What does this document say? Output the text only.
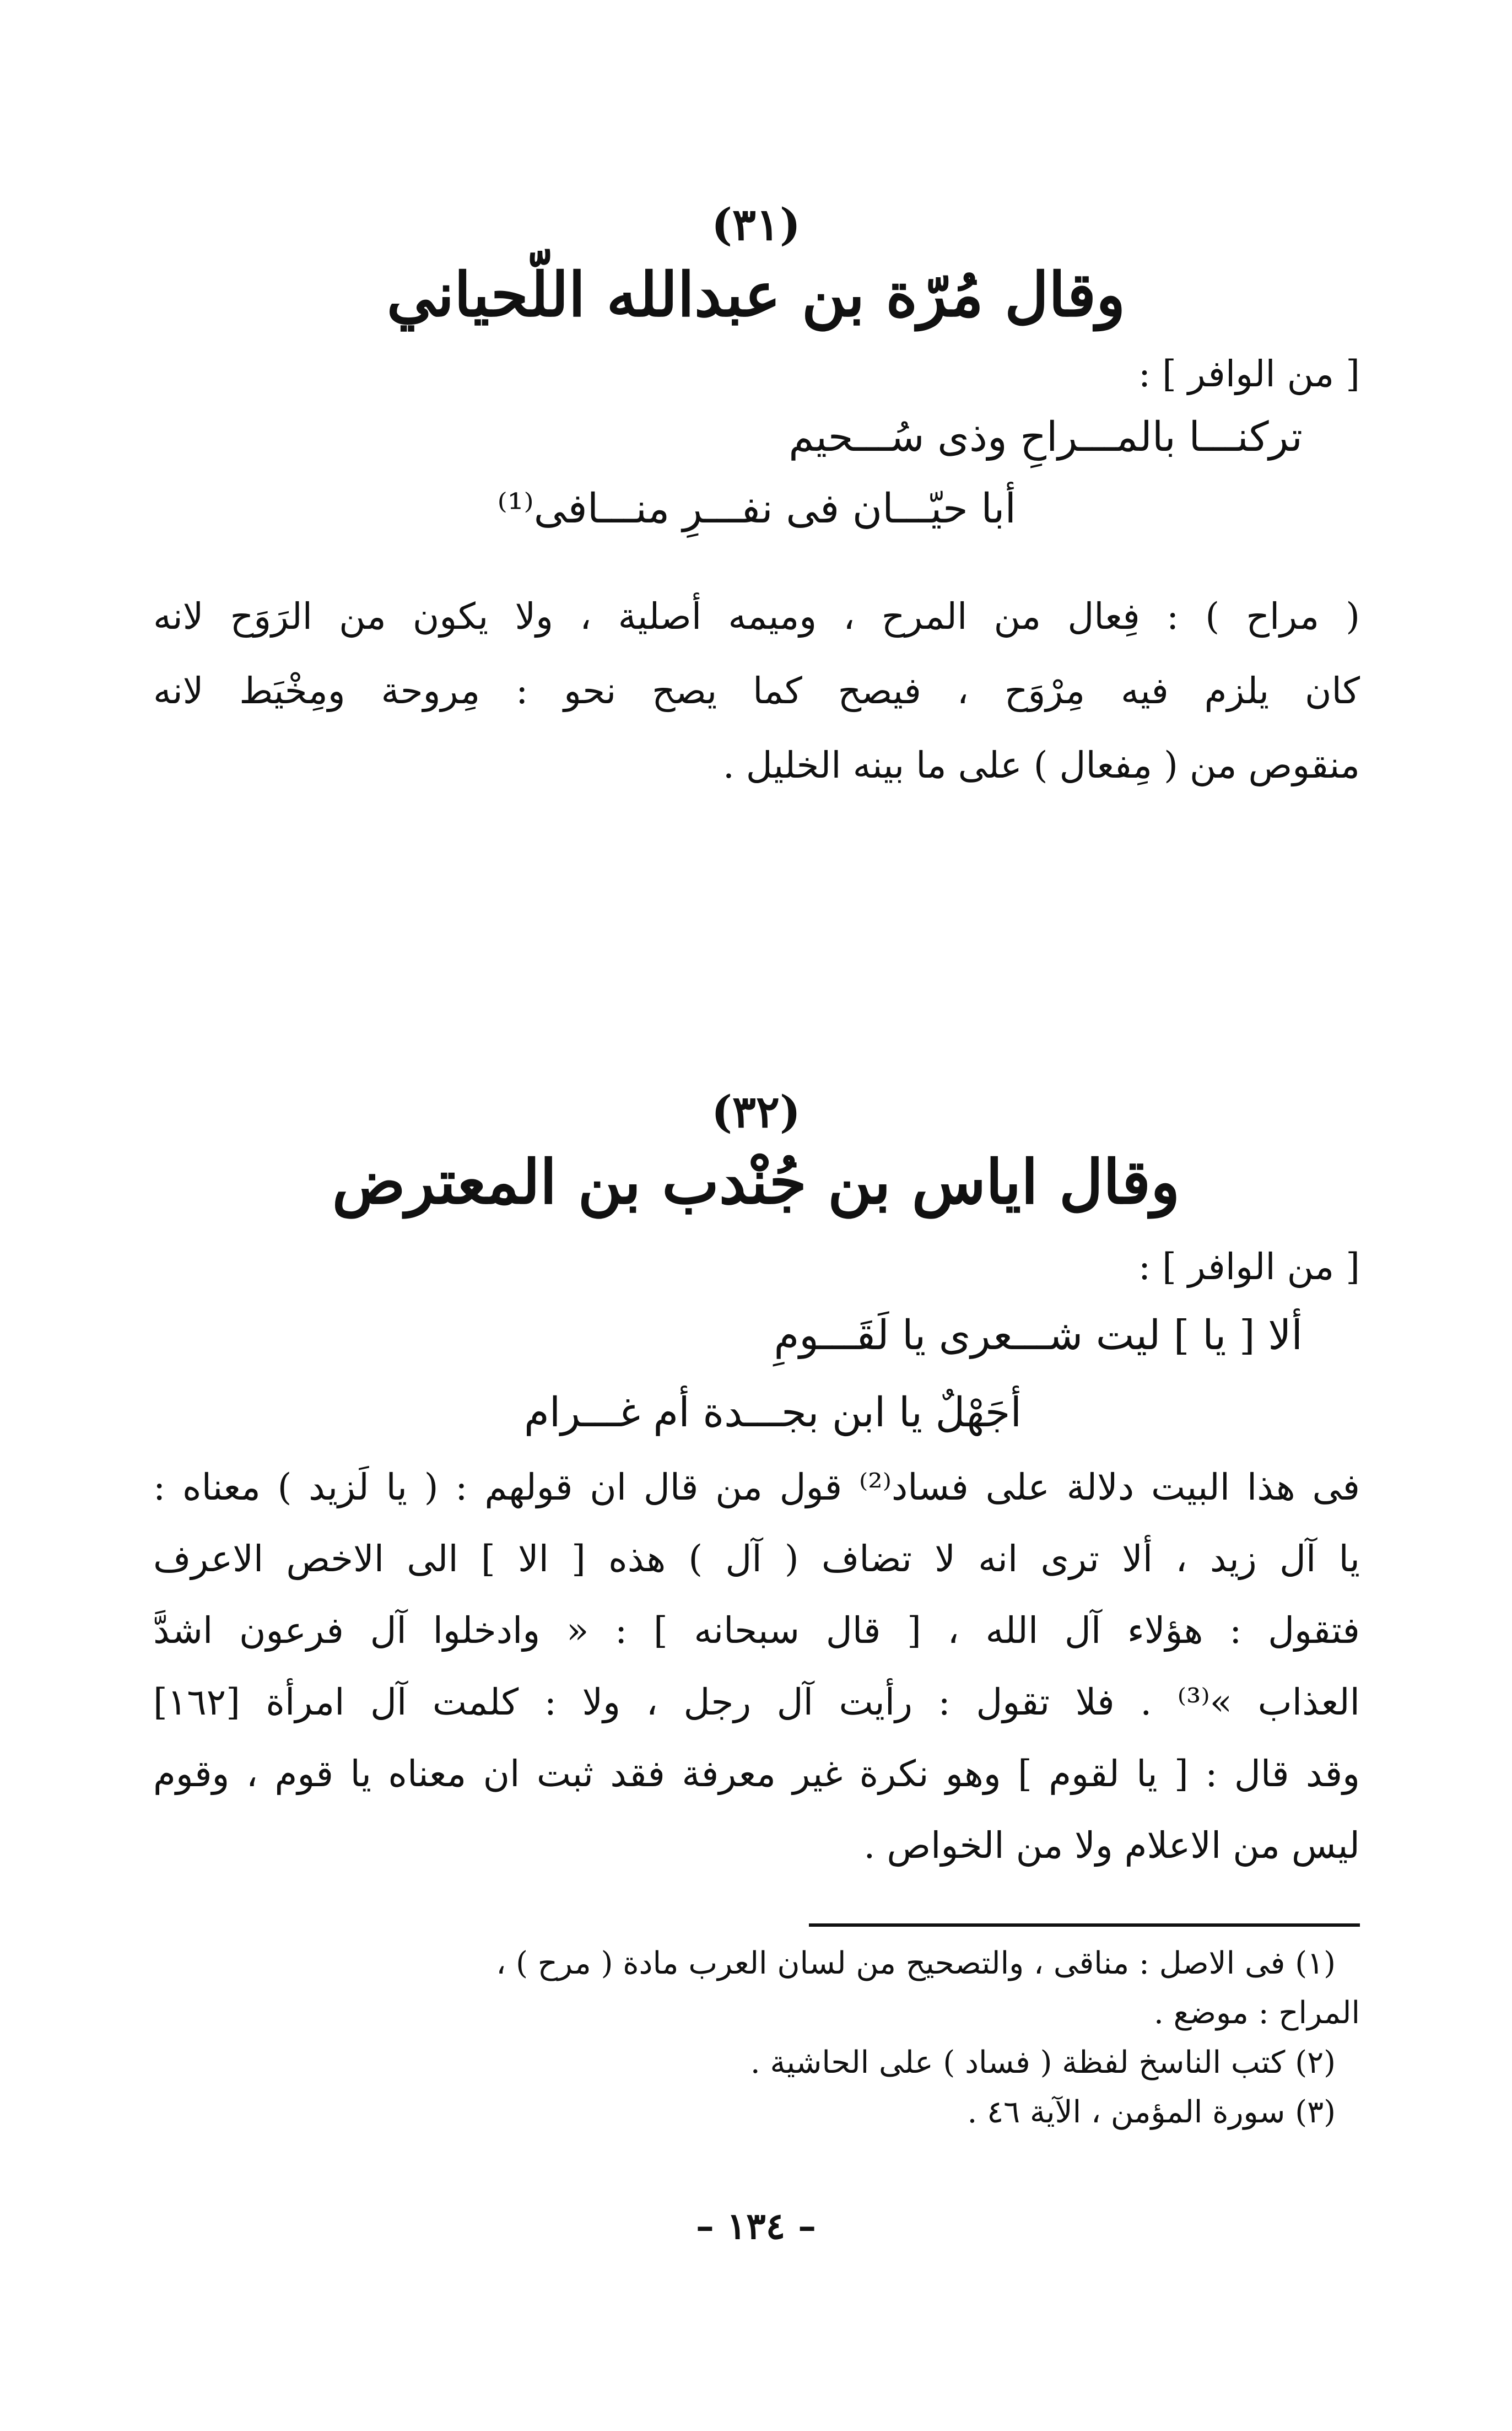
(٣١)
وقال مُرّة بن عبدالله اللّحياني
[ من الوافر ] :
تركنـــا بالمـــراحِ وذى سُـــحيم
أبا حيّـــان فى نفـــرِ منـــافى⁽¹⁾
( مراح ) : فِعال من المرح ، وميمه أصلية ، ولا يكون من الرَوَح لانه
كان يلزم فيه مِرْوَح ، فيصح كما يصح نحو : مِروحة ومِخْيَط لانه
منقوص من ( مِفعال ) على ما بينه الخليل .
(٣٢)
وقال اياس بن جُنْدب بن المعترض
[ من الوافر ] :
ألا [ يا ] ليت شـــعرى يا لَقَـــومِ
أجَهْلٌ يا ابن بجـــدة أم غـــرام
فى هذا البيت دلالة على فساد⁽²⁾ قول من قال ان قولهم : ( يا لَزيد ) معناه :
يا آل زيد ، ألا ترى انه لا تضاف ( آل ) هذه [ الا ] الى الاخص الاعرف
فتقول : هؤلاء آل الله ، [ قال سبحانه ] : « وادخلوا آل فرعون اشدَّ
العذاب »⁽³⁾ . فلا تقول : رأيت آل رجل ، ولا : كلمت آل امرأة [١٦٢]
وقد قال : [ يا لقوم ] وهو نكرة غير معرفة فقد ثبت ان معناه يا قوم ، وقوم
ليس من الاعلام ولا من الخواص .
(١) فى الاصل : مناقى ، والتصحيح من لسان العرب مادة ( مرح ) ،
المراح : موضع .
(٢) كتب الناسخ لفظة ( فساد ) على الحاشية .
(٣) سورة المؤمن ، الآية ٤٦ .
– ١٣٤ –
